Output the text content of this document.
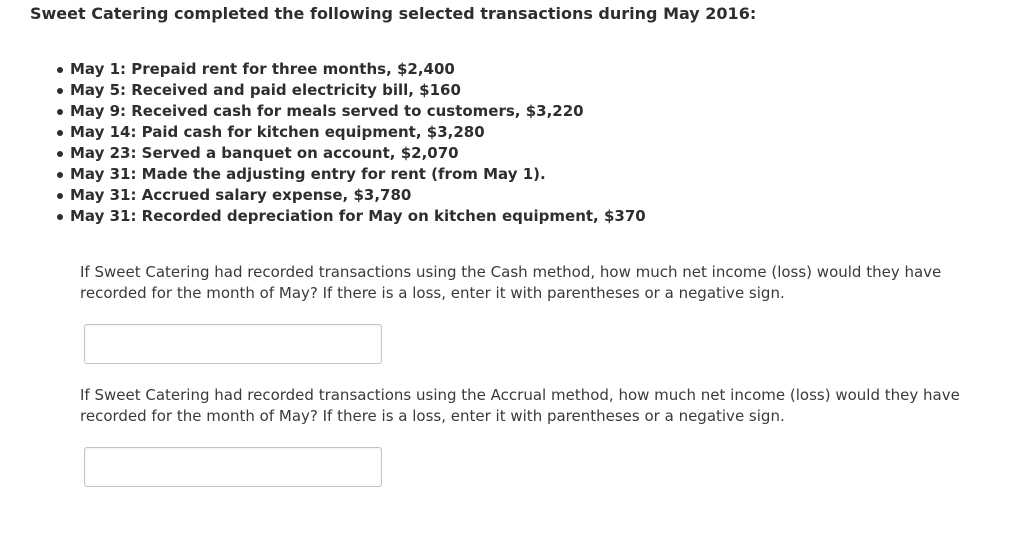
Sweet Catering completed the following selected transactions during May 2016:
May 1: Prepaid rent for three months, $2,400
May 5: Received and paid electricity bill, $160
May 9: Received cash for meals served to customers, $3,220
May 14: Paid cash for kitchen equipment, $3,280
May 23: Served a banquet on account, $2,070
May 31: Made the adjusting entry for rent (from May 1).
May 31: Accrued salary expense, $3,780
May 31: Recorded depreciation for May on kitchen equipment, $370
If Sweet Catering had recorded transactions using the Cash method, how much net income (loss) would they have recorded for the month of May? If there is a loss, enter it with parentheses or a negative sign.
If Sweet Catering had recorded transactions using the Accrual method, how much net income (loss) would they have recorded for the month of May? If there is a loss, enter it with parentheses or a negative sign.
